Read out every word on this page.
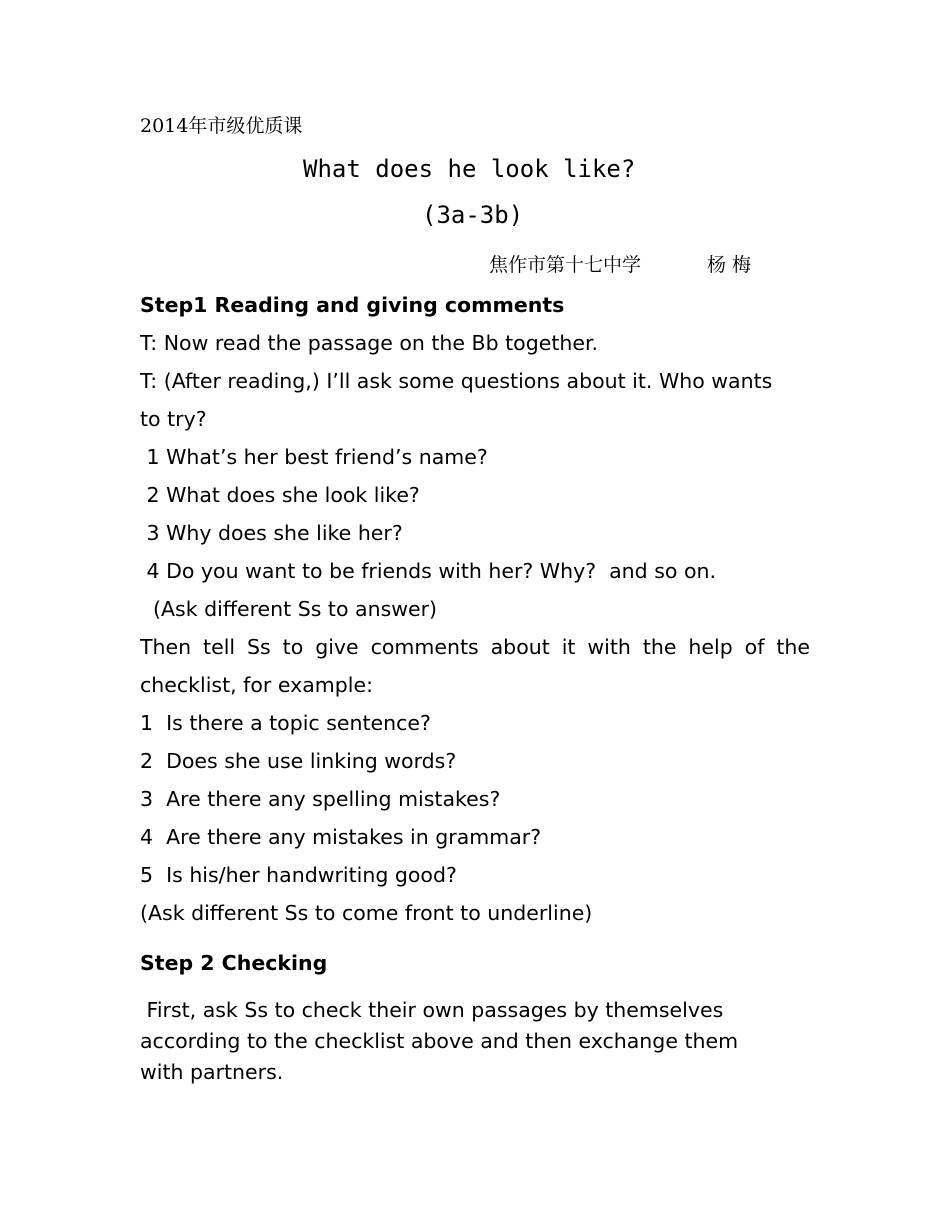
2014年市级优质课
What does he look like?
(3a-3b)
焦作市第十七中学	杨 梅
Step1 Reading and giving comments
T: Now read the passage on the Bb together.
T: (After reading,) I’ll ask some questions about it. Who wants
to try?
1 What’s her best friend’s name?
2 What does she look like?
3 Why does she like her?
4 Do you want to be friends with her? Why?  and so on.
(Ask different Ss to answer)
Then tell Ss to give comments about it with the help of the
checklist, for example:
1  Is there a topic sentence?
2  Does she use linking words?
3  Are there any spelling mistakes?
4  Are there any mistakes in grammar?
5  Is his/her handwriting good?
(Ask different Ss to come front to underline)
Step 2 Checking
First, ask Ss to check their own passages by themselves
according to the checklist above and then exchange them
with partners.
